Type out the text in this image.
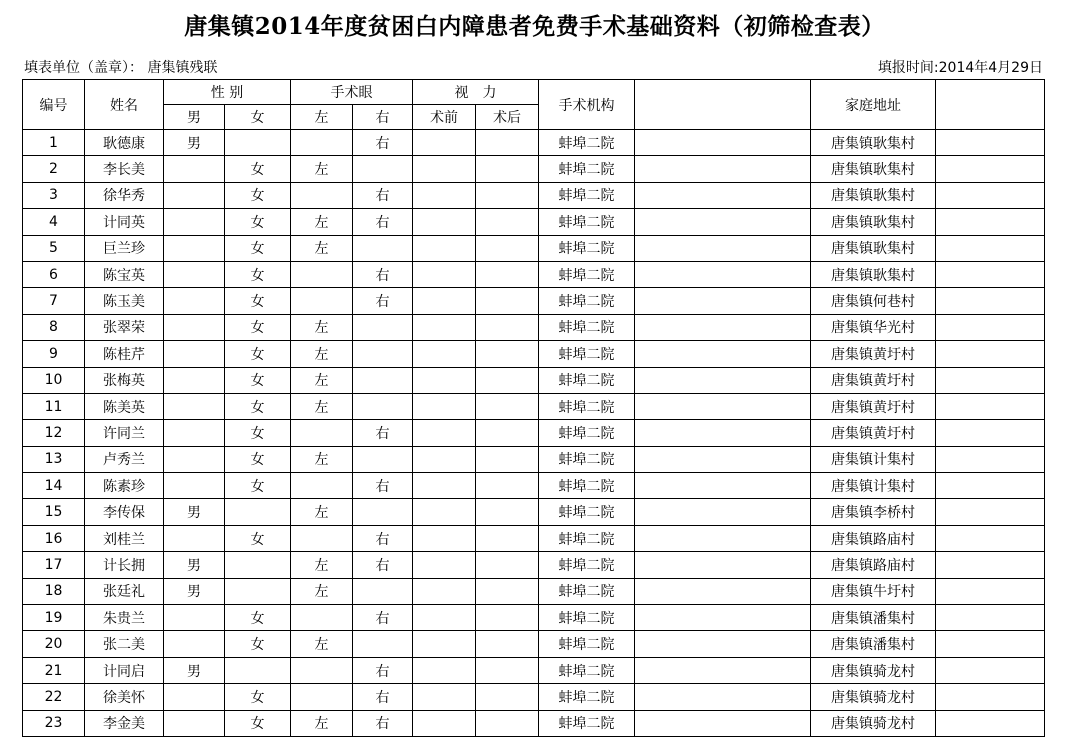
唐集镇2014年度贫困白内障患者免费手术基础资料（初筛检查表）
填表单位（盖章）： 唐集镇残联	填报时间:2014年4月29日
编号	姓名	性 别		手术眼		视　力		手术机构		家庭地址	
		男	女	左	右	术前	术后				
1	耿德康	男			右			蚌埠二院		唐集镇耿集村	
2	李长美		女	左				蚌埠二院		唐集镇耿集村	
3	徐华秀		女		右			蚌埠二院		唐集镇耿集村	
4	计同英		女	左	右			蚌埠二院		唐集镇耿集村	
5	巨兰珍		女	左				蚌埠二院		唐集镇耿集村	
6	陈宝英		女		右			蚌埠二院		唐集镇耿集村	
7	陈玉美		女		右			蚌埠二院		唐集镇何巷村	
8	张翠荣		女	左				蚌埠二院		唐集镇华光村	
9	陈桂芹		女	左				蚌埠二院		唐集镇黄圩村	
10	张梅英		女	左				蚌埠二院		唐集镇黄圩村	
11	陈美英		女	左				蚌埠二院		唐集镇黄圩村	
12	许同兰		女		右			蚌埠二院		唐集镇黄圩村	
13	卢秀兰		女	左				蚌埠二院		唐集镇计集村	
14	陈素珍		女		右			蚌埠二院		唐集镇计集村	
15	李传保	男		左				蚌埠二院		唐集镇李桥村	
16	刘桂兰		女		右			蚌埠二院		唐集镇路庙村	
17	计长拥	男		左	右			蚌埠二院		唐集镇路庙村	
18	张廷礼	男		左				蚌埠二院		唐集镇牛圩村	
19	朱贵兰		女		右			蚌埠二院		唐集镇潘集村	
20	张二美		女	左				蚌埠二院		唐集镇潘集村	
21	计同启	男			右			蚌埠二院		唐集镇骑龙村	
22	徐美怀		女		右			蚌埠二院		唐集镇骑龙村	
23	李金美		女	左	右			蚌埠二院		唐集镇骑龙村	
